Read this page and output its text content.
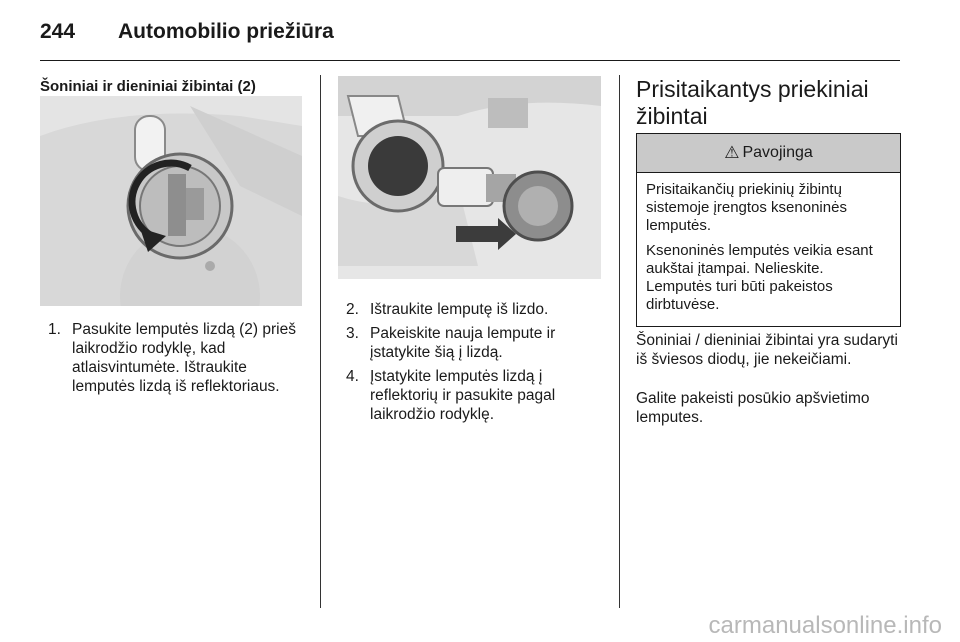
244 Automobilio priežiūra
Šoniniai ir dieniniai žibintai (2)
1. Pasukite lemputės lizdą (2) prieš laikrodžio rodyklę, kad atlaisvintumėte. Ištraukite lemputės lizdą iš reflektoriaus.
2. Ištraukite lemputę iš lizdo.
3. Pakeiskite nauja lempute ir įstatykite šią į lizdą.
4. Įstatykite lemputės lizdą į reflektorių ir pasukite pagal laikrodžio rodyklę.
Prisitaikantys priekiniai žibintai
⚠ Pavojinga

Prisitaikančių priekinių žibintų sistemoje įrengtos ksenoninės lemputės.

Ksenoninės lemputės veikia esant aukštai įtampai. Nelieskite. Lemputės turi būti pakeistos dirbtuvėse.

Šoniniai / dieniniai žibintai yra sudaryti iš šviesos diodų, jie nekeičiami.

Galite pakeisti posūkio apšvietimo lemputes.

carmanualsonline.info
